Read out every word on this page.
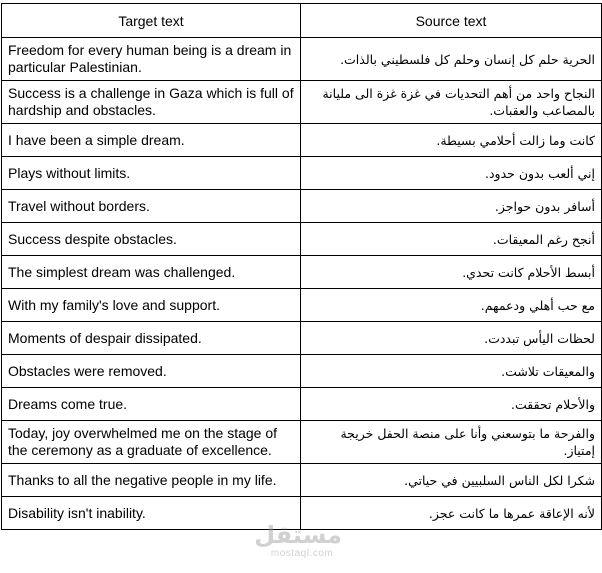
Target text	Source text
Freedom for every human being is a dream in particular Palestinian.	الحرية حلم كل إنسان وحلم كل فلسطيني بالذات.
Success is a challenge in Gaza which is full of hardship and obstacles.	النجاح واحد من أهم التحديات في غزة غزة الى مليانة بالمصاعب والعقبات.
I have been a simple dream.	كانت وما زالت أحلامي بسيطة.
Plays without limits.	إني ألعب بدون حدود.
Travel without borders.	أسافر بدون حواجز.
Success despite obstacles.	أنجح رغم المعيقات.
The simplest dream was challenged.	أبسط الأحلام كانت تحدي.
With my family's love and support.	مع حب أهلي ودعمهم.
Moments of despair dissipated.	لحظات اليأس تبددت.
Obstacles were removed.	والمعيقات تلاشت.
Dreams come true.	والأحلام تحققت.
Today, joy overwhelmed me on the stage of the ceremony as a graduate of excellence.	والفرحة ما بتوسعني وأنا على منصة الحفل خريجة إمتياز.
Thanks to all the negative people in my life.	شكرا لكل الناس السلبيين في حياتي.
Disability isn't inability.	لأنه الإعاقة عمرها ما كانت عجز.
مستقل
mostaql.com
